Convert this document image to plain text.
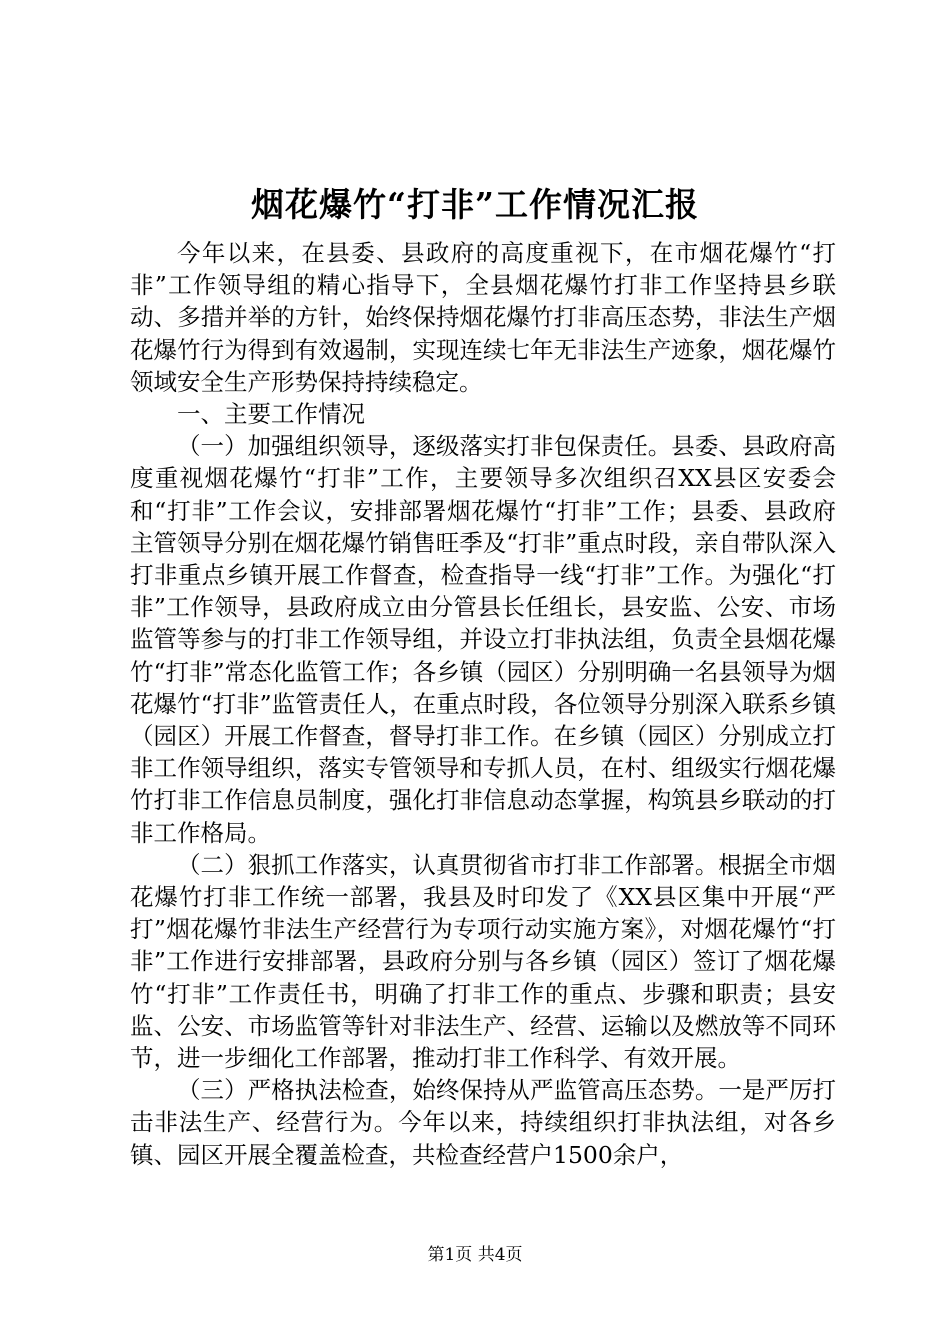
烟花爆竹“打非”工作情况汇报

今年以来，在县委、县政府的高度重视下，在市烟花爆竹“打非”工作领导组的精心指导下，全县烟花爆竹打非工作坚持县乡联动、多措并举的方针，始终保持烟花爆竹打非高压态势，非法生产烟花爆竹行为得到有效遏制，实现连续七年无非法生产迹象，烟花爆竹领域安全生产形势保持持续稳定。

一、主要工作情况

（一）加强组织领导，逐级落实打非包保责任。县委、县政府高度重视烟花爆竹“打非”工作，主要领导多次组织召XX县区安委会和“打非”工作会议，安排部署烟花爆竹“打非”工作；县委、县政府主管领导分别在烟花爆竹销售旺季及“打非”重点时段，亲自带队深入打非重点乡镇开展工作督查，检查指导一线“打非”工作。为强化“打非”工作领导，县政府成立由分管县长任组长，县安监、公安、市场监管等参与的打非工作领导组，并设立打非执法组，负责全县烟花爆竹“打非”常态化监管工作；各乡镇（园区）分别明确一名县领导为烟花爆竹“打非”监管责任人，在重点时段，各位领导分别深入联系乡镇（园区）开展工作督查，督导打非工作。在乡镇（园区）分别成立打非工作领导组织，落实专管领导和专抓人员，在村、组级实行烟花爆竹打非工作信息员制度，强化打非信息动态掌握，构筑县乡联动的打非工作格局。

（二）狠抓工作落实，认真贯彻省市打非工作部署。根据全市烟花爆竹打非工作统一部署，我县及时印发了《XX县区集中开展“严打”烟花爆竹非法生产经营行为专项行动实施方案》，对烟花爆竹“打非”工作进行安排部署，县政府分别与各乡镇（园区）签订了烟花爆竹“打非”工作责任书，明确了打非工作的重点、步骤和职责；县安监、公安、市场监管等针对非法生产、经营、运输以及燃放等不同环节，进一步细化工作部署，推动打非工作科学、有效开展。

（三）严格执法检查，始终保持从严监管高压态势。一是严厉打击非法生产、经营行为。今年以来，持续组织打非执法组，对各乡镇、园区开展全覆盖检查，共检查经营户1500余户，

第1页 共4页
